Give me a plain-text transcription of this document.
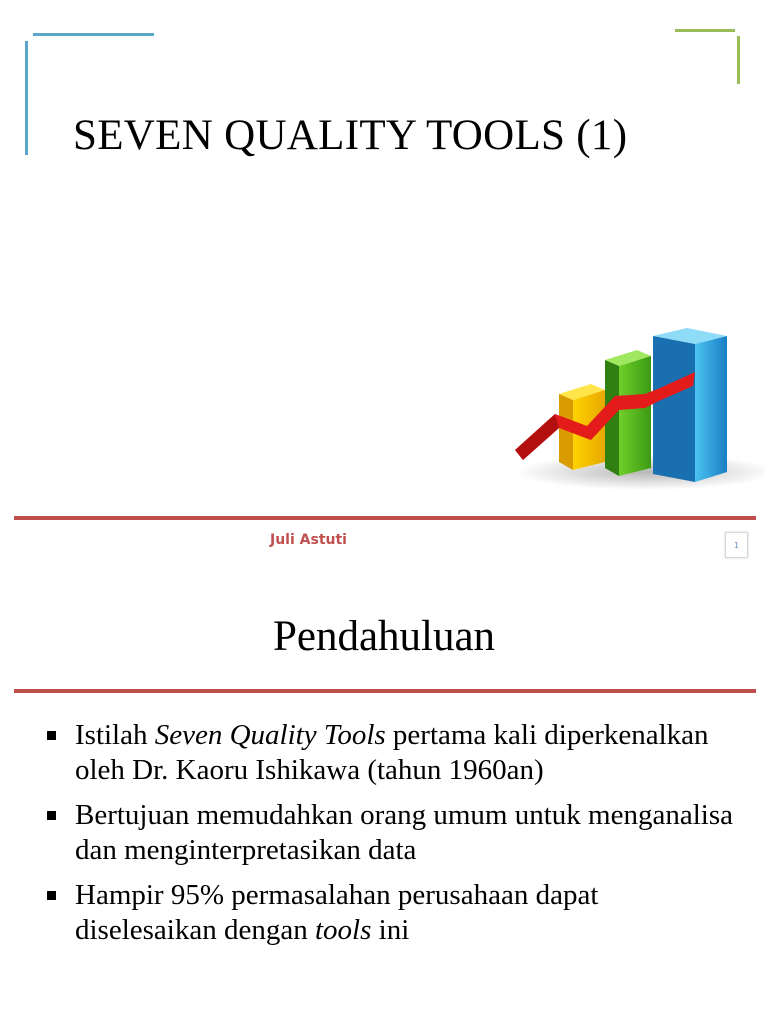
SEVEN QUALITY TOOLS (1)
Juli Astuti	1
Pendahuluan
Istilah Seven Quality Tools pertama kali diperkenalkan oleh Dr. Kaoru Ishikawa (tahun 1960an)
Bertujuan memudahkan orang umum untuk menganalisa dan menginterpretasikan data
Hampir 95% permasalahan perusahaan dapat diselesaikan dengan tools ini
